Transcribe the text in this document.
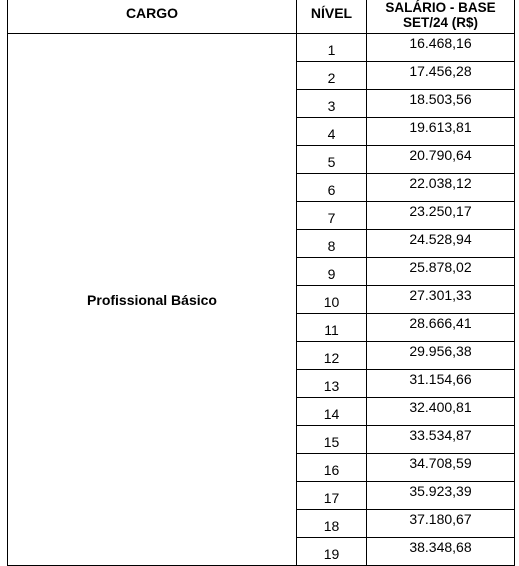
CARGO	NÍVEL	SALÁRIO - BASE
SET/24 (R$)
Profissional Básico	1	16.468,16
	2	17.456,28
	3	18.503,56
	4	19.613,81
	5	20.790,64
	6	22.038,12
	7	23.250,17
	8	24.528,94
	9	25.878,02
	10	27.301,33
	11	28.666,41
	12	29.956,38
	13	31.154,66
	14	32.400,81
	15	33.534,87
	16	34.708,59
	17	35.923,39
	18	37.180,67
	19	38.348,68
